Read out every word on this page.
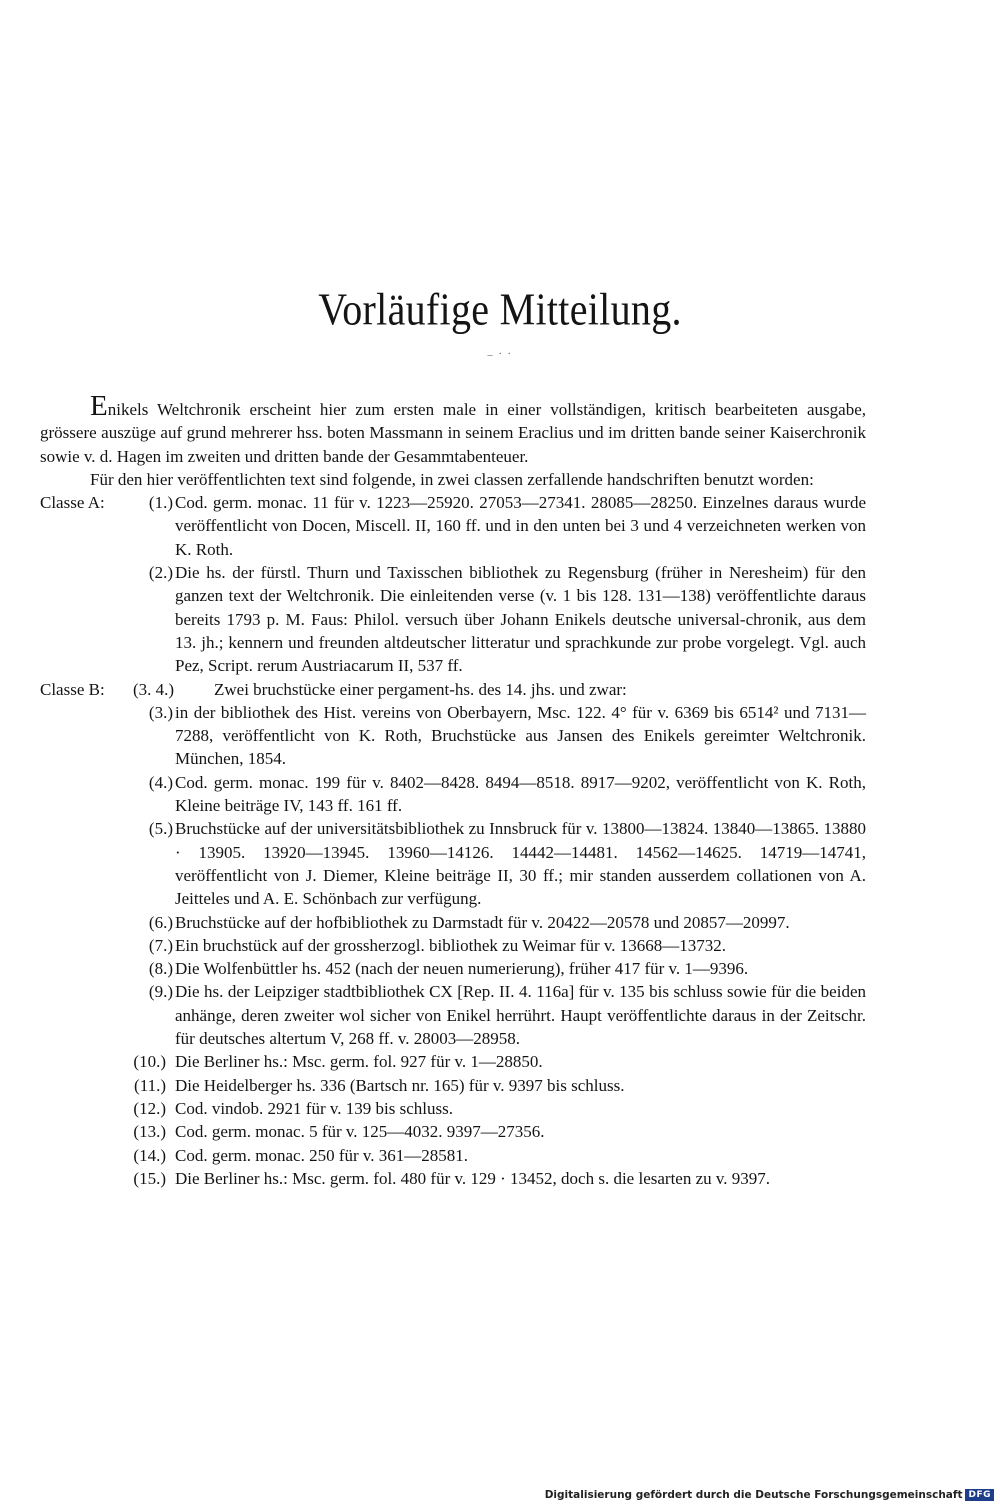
Vorläufige Mitteilung.
_ . .

Enikels Weltchronik erscheint hier zum ersten male in einer vollständigen, kritisch bearbeiteten ausgabe, grössere auszüge auf grund mehrerer hss. boten Massmann in seinem Eraclius und im dritten bande seiner Kaiserchronik sowie v. d. Hagen im zweiten und dritten bande der Gesammtabenteuer.

Für den hier veröffentlichten text sind folgende, in zwei classen zerfallende handschriften benutzt worden:

Classe A:	(1.) Cod. germ. monac. 11 für v. 1223—25920. 27053—27341. 28085—28250. Einzelnes daraus wurde veröffentlicht von Docen, Miscell. II, 160 ff. und in den unten bei 3 und 4 verzeichneten werken von K. Roth.
(2.) Die hs. der fürstl. Thurn und Taxisschen bibliothek zu Regensburg (früher in Neresheim) für den ganzen text der Weltchronik. Die einleitenden verse (v. 1 bis 128. 131—138) veröffentlichte daraus bereits 1793 p. M. Faus: Philol. versuch über Johann Enikels deutsche universal-chronik, aus dem 13. jh.; kennern und freunden altdeutscher litteratur und sprachkunde zur probe vorgelegt. Vgl. auch Pez, Script. rerum Austriacarum II, 537 ff.
Classe B: (3. 4.)	Zwei bruchstücke einer pergament-hs. des 14. jhs. und zwar:
(3.) in der bibliothek des Hist. vereins von Oberbayern, Msc. 122. 4° für v. 6369 bis 6514² und 7131—7288, veröffentlicht von K. Roth, Bruchstücke aus Jansen des Enikels gereimter Weltchronik. München, 1854.
(4.) Cod. germ. monac. 199 für v. 8402—8428. 8494—8518. 8917—9202, veröffentlicht von K. Roth, Kleine beiträge IV, 143 ff. 161 ff.
(5.) Bruchstücke auf der universitätsbibliothek zu Innsbruck für v. 13800—13824. 13840—13865. 13880 · 13905. 13920—13945. 13960—14126. 14442—14481. 14562—14625. 14719—14741, veröffentlicht von J. Diemer, Kleine beiträge II, 30 ff.; mir standen ausserdem collationen von A. Jeitteles und A. E. Schönbach zur verfügung.
(6.) Bruchstücke auf der hofbibliothek zu Darmstadt für v. 20422—20578 und 20857—20997.
(7.) Ein bruchstück auf der grossherzogl. bibliothek zu Weimar für v. 13668—13732.
(8.) Die Wolfenbüttler hs. 452 (nach der neuen numerierung), früher 417 für v. 1—9396.
(9.) Die hs. der Leipziger stadtbibliothek CX [Rep. II. 4. 116a] für v. 135 bis schluss sowie für die beiden anhänge, deren zweiter wol sicher von Enikel herrührt. Haupt veröffentlichte daraus in der Zeitschr. für deutsches altertum V, 268 ff. v. 28003—28958.
(10.) Die Berliner hs.: Msc. germ. fol. 927 für v. 1—28850.
(11.) Die Heidelberger hs. 336 (Bartsch nr. 165) für v. 9397 bis schluss.
(12.) Cod. vindob. 2921 für v. 139 bis schluss.
(13.) Cod. germ. monac. 5 für v. 125—4032. 9397—27356.
(14.) Cod. germ. monac. 250 für v. 361—28581.
(15.) Die Berliner hs.: Msc. germ. fol. 480 für v. 129 · 13452, doch s. die lesarten zu v. 9397.
Digitalisierung gefördert durch die Deutsche Forschungsgemeinschaft DFG
